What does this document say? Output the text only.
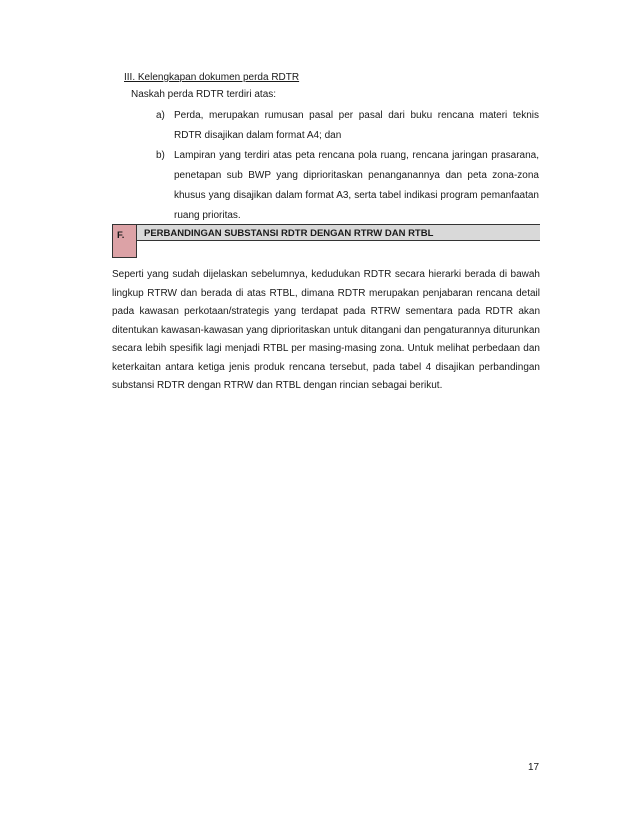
III. Kelengkapan dokumen perda RDTR
Naskah perda RDTR terdiri atas:
a) Perda, merupakan rumusan pasal per pasal dari buku rencana materi teknis RDTR disajikan dalam format A4; dan
b) Lampiran yang terdiri atas peta rencana pola ruang, rencana jaringan prasarana, penetapan sub BWP yang diprioritaskan penanganannya dan peta zona-zona khusus yang disajikan dalam format A3, serta tabel indikasi program pemanfaatan ruang prioritas.
F.	PERBANDINGAN SUBSTANSI RDTR DENGAN RTRW DAN RTBL

Seperti yang sudah dijelaskan sebelumnya, kedudukan RDTR secara hierarki berada di bawah lingkup RTRW dan berada di atas RTBL, dimana RDTR merupakan penjabaran rencana detail pada kawasan perkotaan/strategis yang terdapat pada RTRW sementara pada RDTR akan ditentukan kawasan-kawasan yang diprioritaskan untuk ditangani dan pengaturannya diturunkan secara lebih spesifik lagi menjadi RTBL per masing-masing zona. Untuk melihat perbedaan dan keterkaitan antara ketiga jenis produk rencana tersebut, pada tabel 4 disajikan perbandingan substansi RDTR dengan RTRW dan RTBL dengan rincian sebagai berikut.

17
